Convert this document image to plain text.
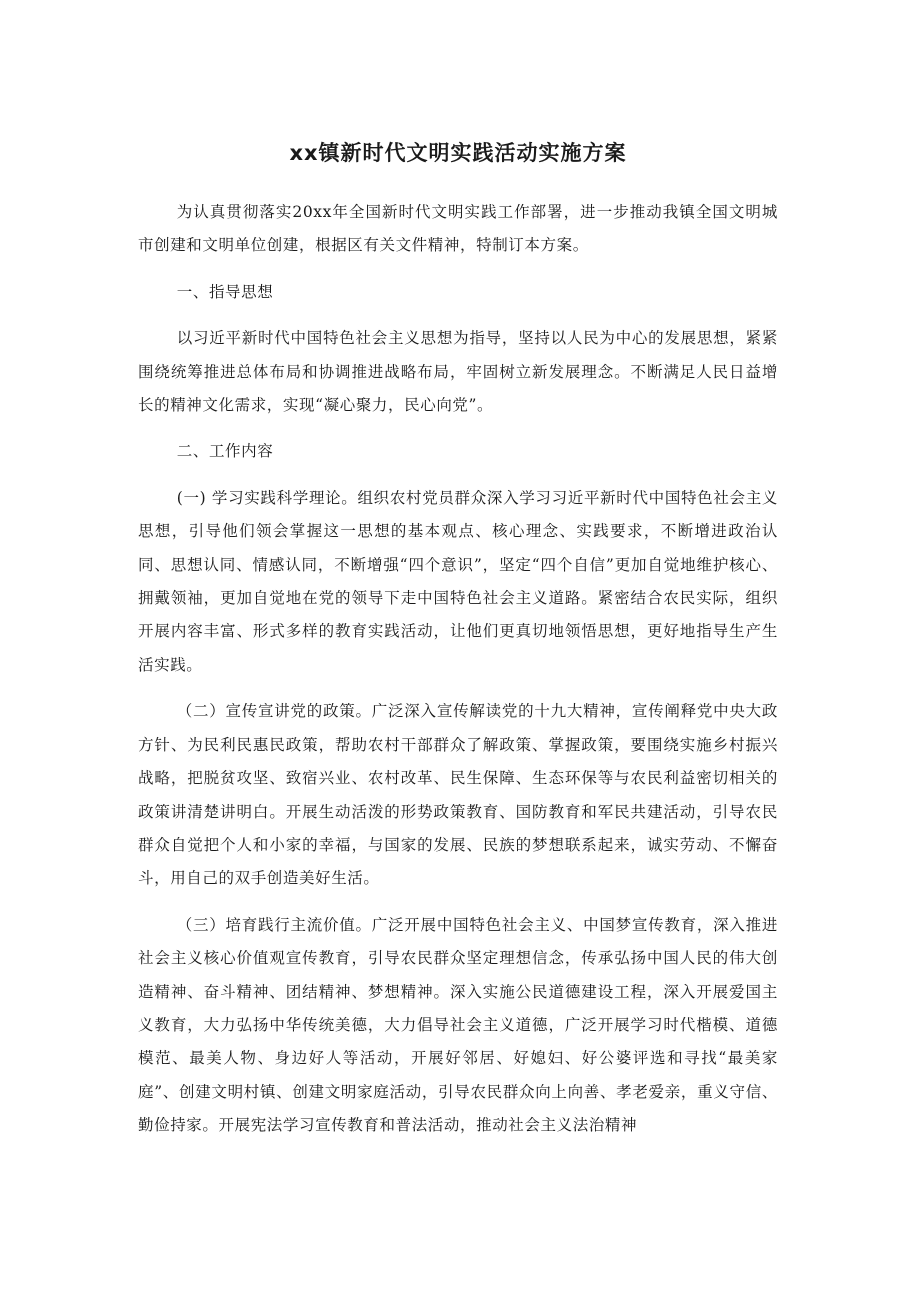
xx镇新时代文明实践活动实施方案

为认真贯彻落实20xx年全国新时代文明实践工作部署，进一步推动我镇全国文明城市创建和文明单位创建，根据区有关文件精神，特制订本方案。

一、指导思想

以习近平新时代中国特色社会主义思想为指导，坚持以人民为中心的发展思想，紧紧围绕统筹推进总体布局和协调推进战略布局，牢固树立新发展理念。不断满足人民日益增长的精神文化需求，实现“凝心聚力，民心向党”。

二、工作内容

(一) 学习实践科学理论。组织农村党员群众深入学习习近平新时代中国特色社会主义思想，引导他们领会掌握这一思想的基本观点、核心理念、实践要求，不断增进政治认同、思想认同、情感认同，不断增强“四个意识”，坚定“四个自信”更加自觉地维护核心、拥戴领袖，更加自觉地在党的领导下走中国特色社会主义道路。紧密结合农民实际，组织开展内容丰富、形式多样的教育实践活动，让他们更真切地领悟思想，更好地指导生产生活实践。

（二）宣传宣讲党的政策。广泛深入宣传解读党的十九大精神，宣传阐释党中央大政方针、为民利民惠民政策，帮助农村干部群众了解政策、掌握政策，要围绕实施乡村振兴战略，把脱贫攻坚、致宿兴业、农村改革、民生保障、生态环保等与农民利益密切相关的政策讲清楚讲明白。开展生动活泼的形势政策教育、国防教育和军民共建活动，引导农民群众自觉把个人和小家的幸福，与国家的发展、民族的梦想联系起来，诚实劳动、不懈奋斗，用自己的双手创造美好生活。

（三）培育践行主流价值。广泛开展中国特色社会主义、中国梦宣传教育，深入推进社会主义核心价值观宣传教育，引导农民群众坚定理想信念，传承弘扬中国人民的伟大创造精神、奋斗精神、团结精神、梦想精神。深入实施公民道德建设工程，深入开展爱国主义教育，大力弘扬中华传统美德，大力倡导社会主义道德，广泛开展学习时代楷模、道德模范、最美人物、身边好人等活动，开展好邻居、好媳妇、好公婆评选和寻找“最美家庭”、创建文明村镇、创建文明家庭活动，引导农民群众向上向善、孝老爱亲，重义守信、勤俭持家。开展宪法学习宣传教育和普法活动，推动社会主义法治精神
